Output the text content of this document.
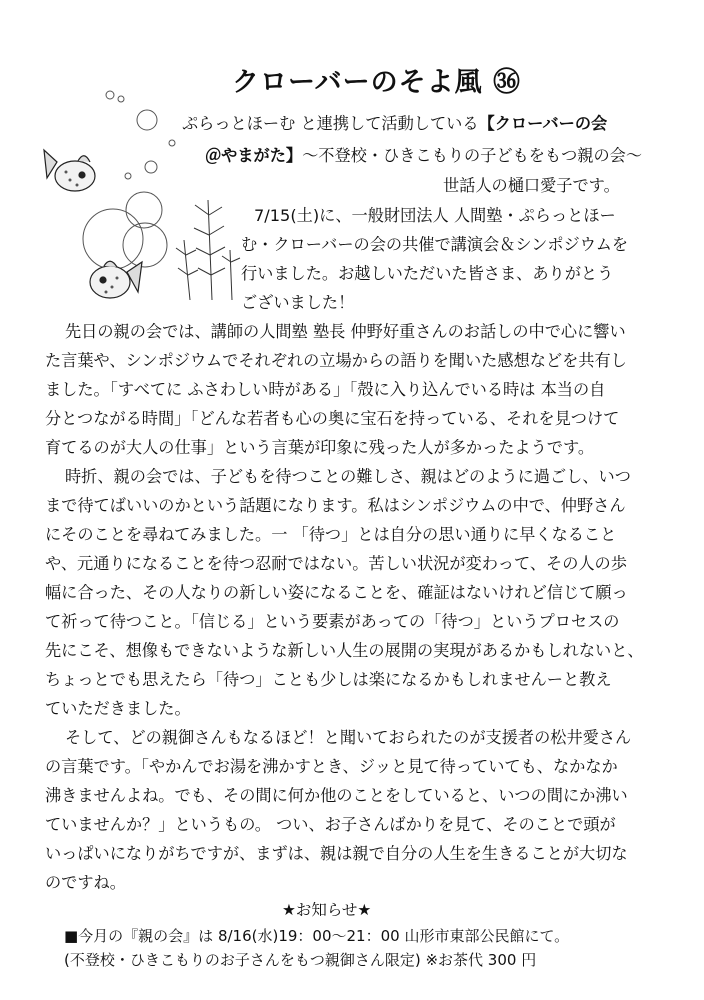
クローバーのそよ風 ㊱
ぷらっとほーむ と連携して活動している【クローバーの会
＠やまがた】～不登校・ひきこもりの子どもをもつ親の会～
世話人の樋口愛子です。
7/15(土)に、一般財団法人 人間塾・ぷらっとほー
む・クローバーの会の共催で講演会＆シンポジウムを
行いました。お越しいただいた皆さま、ありがとう
ございました！
先日の親の会では、講師の人間塾 塾長 仲野好重さんのお話しの中で心に響い
た言葉や、シンポジウムでそれぞれの立場からの語りを聞いた感想などを共有し
ました。「すべてに ふさわしい時がある」「殻に入り込んでいる時は 本当の自
分とつながる時間」「どんな若者も心の奥に宝石を持っている、それを見つけて
育てるのが大人の仕事」という言葉が印象に残った人が多かったようです。
時折、親の会では、子どもを待つことの難しさ、親はどのように過ごし、いつ
まで待てばいいのかという話題になります。私はシンポジウムの中で、仲野さん
にそのことを尋ねてみました。一 「待つ」とは自分の思い通りに早くなること
や、元通りになることを待つ忍耐ではない。苦しい状況が変わって、その人の歩
幅に合った、その人なりの新しい姿になることを、確証はないけれど信じて願っ
て祈って待つこと。「信じる」という要素があっての「待つ」というプロセスの
先にこそ、想像もできないような新しい人生の展開の実現があるかもしれないと、
ちょっとでも思えたら「待つ」ことも少しは楽になるかもしれませんーと教え
ていただきました。
そして、どの親御さんもなるほど！と聞いておられたのが支援者の松井愛さん
の言葉です。「やかんでお湯を沸かすとき、ジッと見て待っていても、なかなか
沸きませんよね。でも、その間に何か他のことをしていると、いつの間にか沸い
ていませんか？」というもの。 つい、お子さんばかりを見て、そのことで頭が
いっぱいになりがちですが、まずは、親は親で自分の人生を生きることが大切な
のですね。
★お知らせ★
■今月の『親の会』は 8/16(水)19：00～21：00 山形市東部公民館にて。
(不登校・ひきこもりのお子さんをもつ親御さん限定) ※お茶代 300 円
